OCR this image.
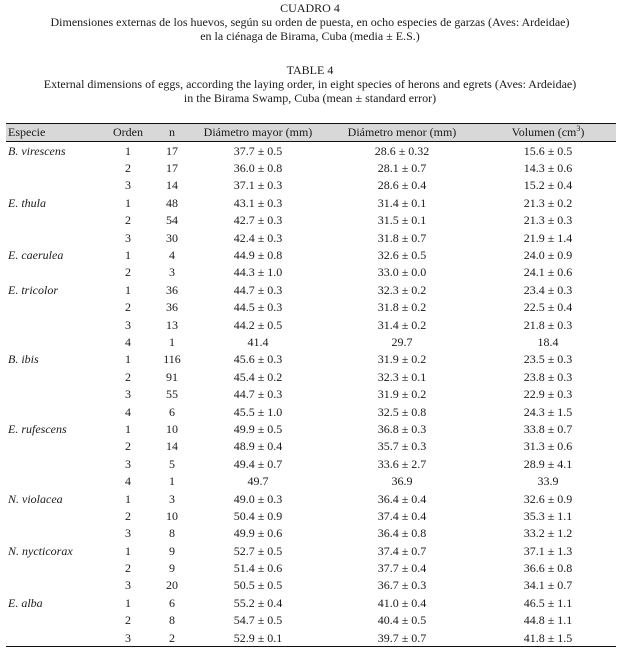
CUADRO 4
Dimensiones externas de los huevos, según su orden de puesta, en ocho especies de garzas (Aves: Ardeidae)
en la ciénaga de Birama, Cuba (media ± E.S.)
TABLE 4
External dimensions of eggs, according the laying order, in eight species of herons and egrets (Aves: Ardeidae)
in the Birama Swamp, Cuba (mean ± standard error)
Especie	Orden	n	Diámetro mayor (mm)	Diámetro menor (mm)	Volumen $(cm^3)$
B. virescens	1	17	37.7 ± 0.5	28.6 ± 0.32	15.6 ± 0.5
	2	17	36.0 ± 0.8	28.1 ± 0.7	14.3 ± 0.6
	3	14	37.1 ± 0.3	28.6 ± 0.4	15.2 ± 0.4
E. thula	1	48	43.1 ± 0.3	31.4 ± 0.1	21.3 ± 0.2
	2	54	42.7 ± 0.3	31.5 ± 0.1	21.3 ± 0.3
	3	30	42.4 ± 0.3	31.8 ± 0.7	21.9 ± 1.4
E. caerulea	1	4	44.9 ± 0.8	32.6 ± 0.5	24.0 ± 0.9
	2	3	44.3 ± 1.0	33.0 ± 0.0	24.1 ± 0.6
E. tricolor	1	36	44.7 ± 0.3	32.3 ± 0.2	23.4 ± 0.3
	2	36	44.5 ± 0.3	31.8 ± 0.2	22.5 ± 0.4
	3	13	44.2 ± 0.5	31.4 ± 0.2	21.8 ± 0.3
	4	1	41.4	29.7	18.4
B. ibis	1	116	45.6 ± 0.3	31.9 ± 0.2	23.5 ± 0.3
	2	91	45.4 ± 0.2	32.3 ± 0.1	23.8 ± 0.3
	3	55	44.7 ± 0.3	31.9 ± 0.2	22.9 ± 0.3
	4	6	45.5 ± 1.0	32.5 ± 0.8	24.3 ± 1.5
E. rufescens	1	10	49.9 ± 0.5	36.8 ± 0.3	33.8 ± 0.7
	2	14	48.9 ± 0.4	35.7 ± 0.3	31.3 ± 0.6
	3	5	49.4 ± 0.7	33.6 ± 2.7	28.9 ± 4.1
	4	1	49.7	36.9	33.9
N. violacea	1	3	49.0 ± 0.3	36.4 ± 0.4	32.6 ± 0.9
	2	10	50.4 ± 0.9	37.4 ± 0.4	35.3 ± 1.1
	3	8	49.9 ± 0.6	36.4 ± 0.8	33.2 ± 1.2
N. nycticorax	1	9	52.7 ± 0.5	37.4 ± 0.7	37.1 ± 1.3
	2	9	51.4 ± 0.6	37.7 ± 0.4	36.6 ± 0.8
	3	20	50.5 ± 0.5	36.7 ± 0.3	34.1 ± 0.7
E. alba	1	6	55.2 ± 0.4	41.0 ± 0.4	46.5 ± 1.1
	2	8	54.7 ± 0.5	40.4 ± 0.5	44.8 ± 1.1
	3	2	52.9 ± 0.1	39.7 ± 0.7	41.8 ± 1.5
